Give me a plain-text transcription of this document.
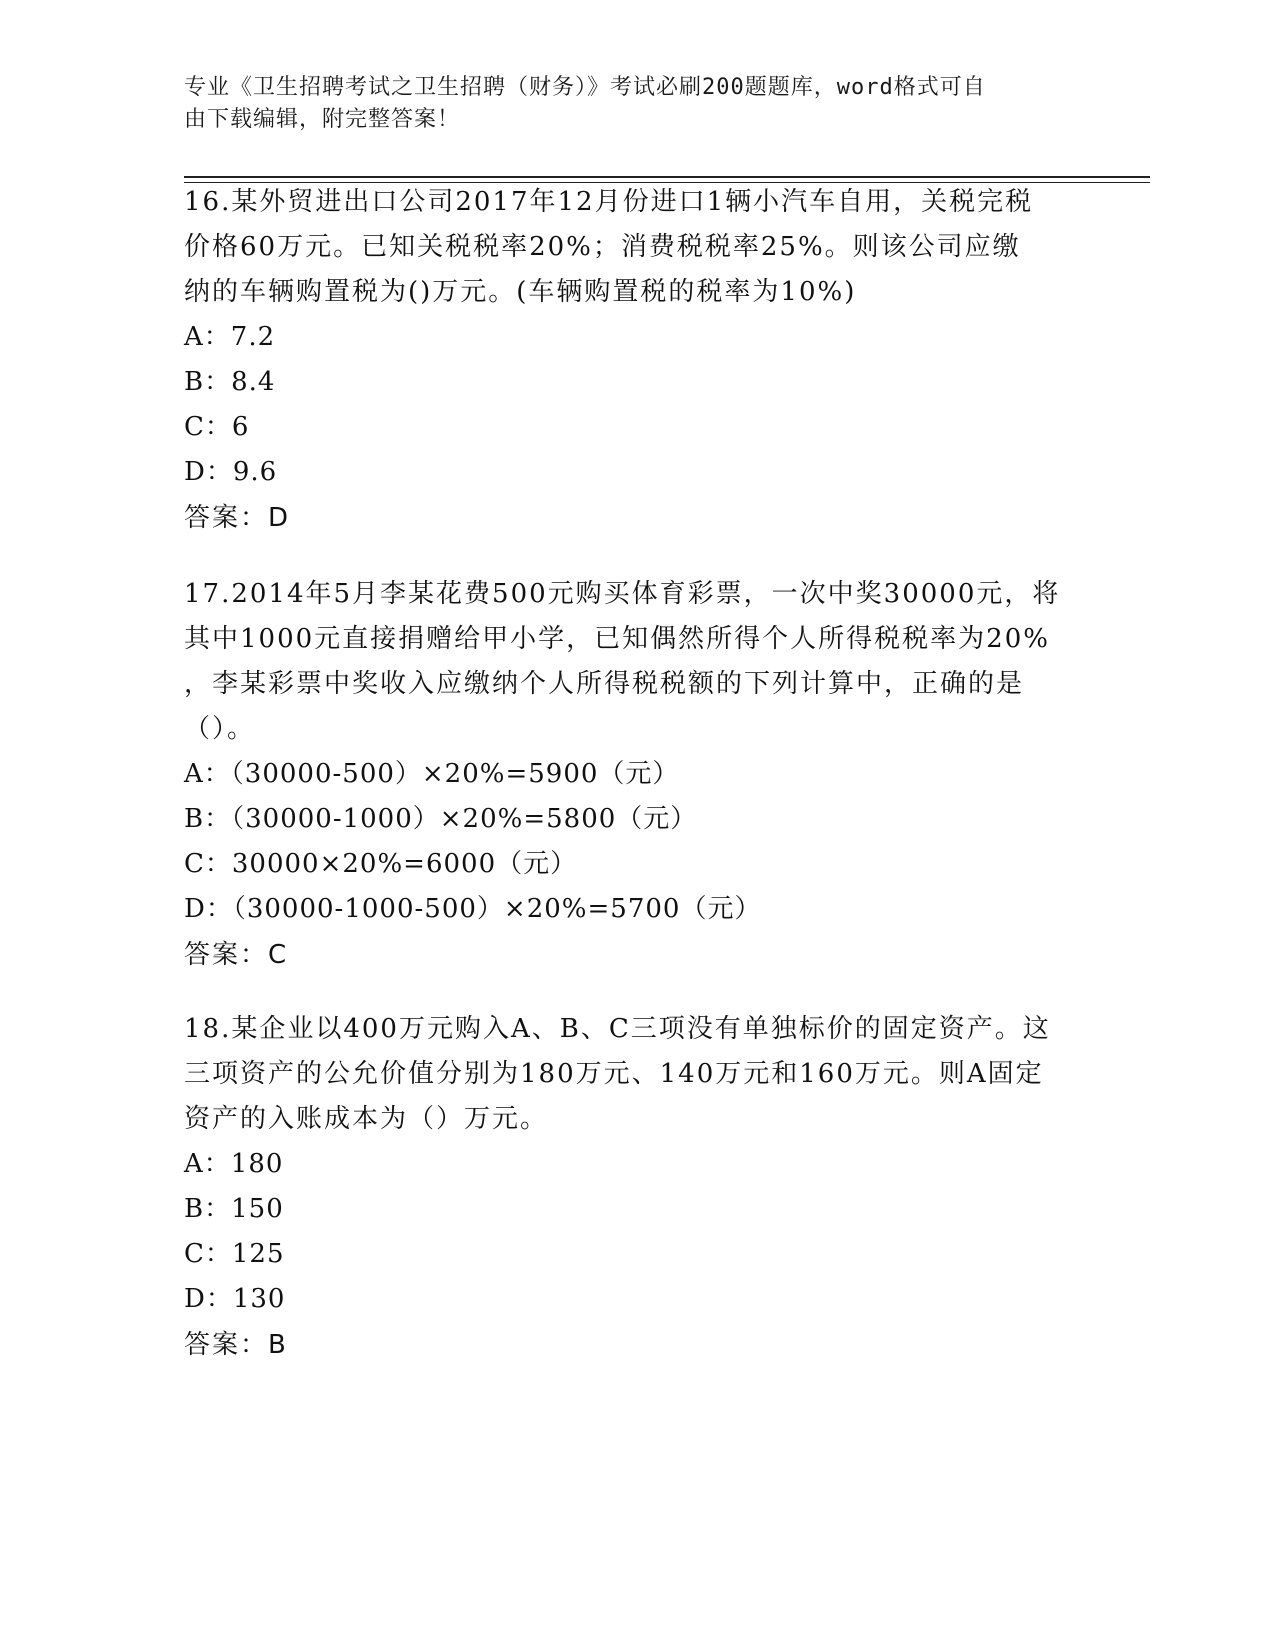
专业《卫生招聘考试之卫生招聘（财务）》考试必刷200题题库，word格式可自
由下载编辑，附完整答案！
16.某外贸进出口公司2017年12月份进口1辆小汽车自用，关税完税
价格60万元。已知关税税率20%；消费税税率25%。则该公司应缴
纳的车辆购置税为()万元。(车辆购置税的税率为10%)
A：7.2
B：8.4
C：6
D：9.6
答案：D
17.2014年5月李某花费500元购买体育彩票，一次中奖30000元，将
其中1000元直接捐赠给甲小学，已知偶然所得个人所得税税率为20%
，李某彩票中奖收入应缴纳个人所得税税额的下列计算中，正确的是
（）。
A：（30000-500）×20%=5900（元）
B：（30000-1000）×20%=5800（元）
C：30000×20%=6000（元）
D：（30000-1000-500）×20%=5700（元）
答案：C
18.某企业以400万元购入A、B、C三项没有单独标价的固定资产。这
三项资产的公允价值分别为180万元、140万元和160万元。则A固定
资产的入账成本为（）万元。
A：180
B：150
C：125
D：130
答案：B
